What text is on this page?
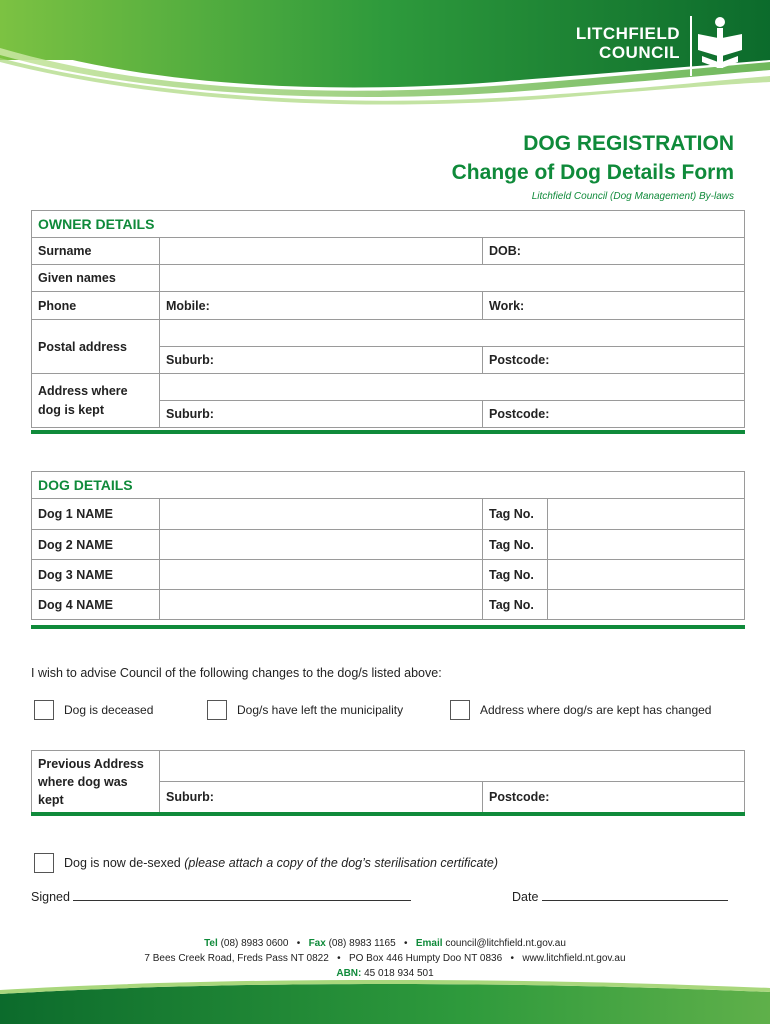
LITCHFIELD
COUNCIL
DOG REGISTRATION
Change of Dog Details Form
Litchfield Council (Dog Management) By-laws
OWNER DETAILS		
Surname		DOB:
Given names		
Phone	Mobile:	Work:
Postal address		
	Suburb:	Postcode:
Address where dog is kept		
	Suburb:	Postcode:
DOG DETAILS			
Dog 1 NAME		Tag No.	
Dog 2 NAME		Tag No.	
Dog 3 NAME		Tag No.	
Dog 4 NAME		Tag No.	
I wish to advise Council of the following changes to the dog/s listed above:
Dog is deceased	Dog/s have left the municipality	Address where dog/s are kept has changed
Previous Address where dog was kept		
	Suburb:	Postcode:
Dog is now de-sexed
(please attach a copy of the dog’s sterilisation certificate)
Signed	Date
Tel (08) 8983 0600   •   Fax (08) 8983 1165   •   Email council@litchfield.nt.gov.au
7 Bees Creek Road, Freds Pass NT 0822   •   PO Box 446 Humpty Doo NT 0836   •   www.litchfield.nt.gov.au
ABN: 45 018 934 501
